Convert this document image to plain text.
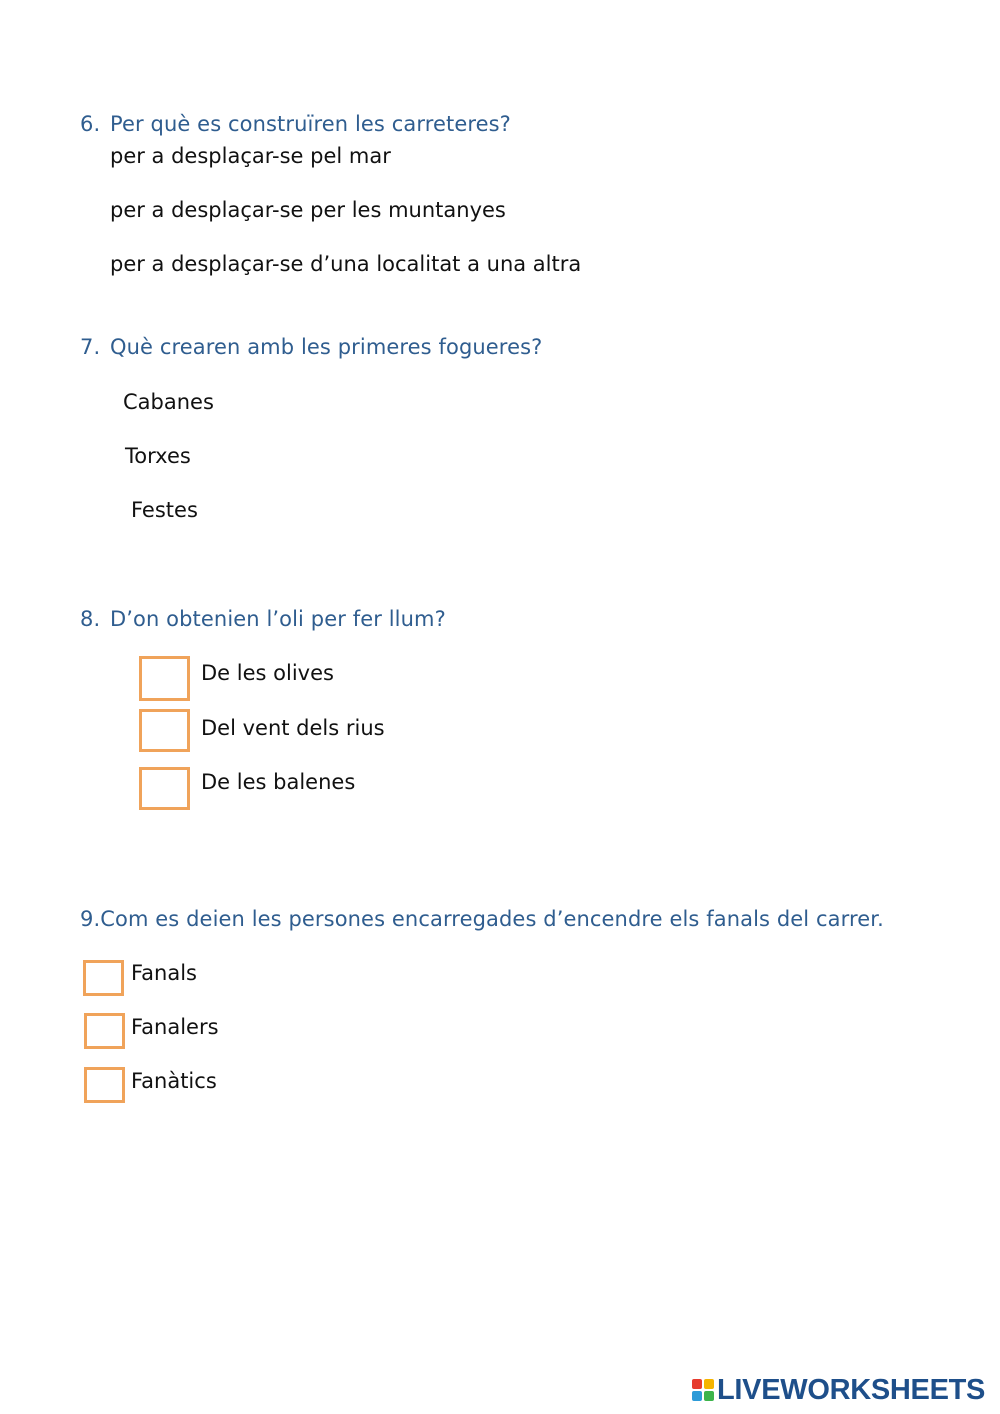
6. Per què es construïren les carreteres?
per a desplaçar-se pel mar
per a desplaçar-se per les muntanyes
per a desplaçar-se d’una localitat a una altra
7. Què crearen amb les primeres fogueres?
Cabanes
Torxes
Festes
8. D’on obtenien l’oli per fer llum?
De les olives
Del vent dels rius
De les balenes
9.Com es deien les persones encarregades d’encendre els fanals del carrer.
Fanals
Fanalers
Fanàtics
LIVEWORKSHEETS
